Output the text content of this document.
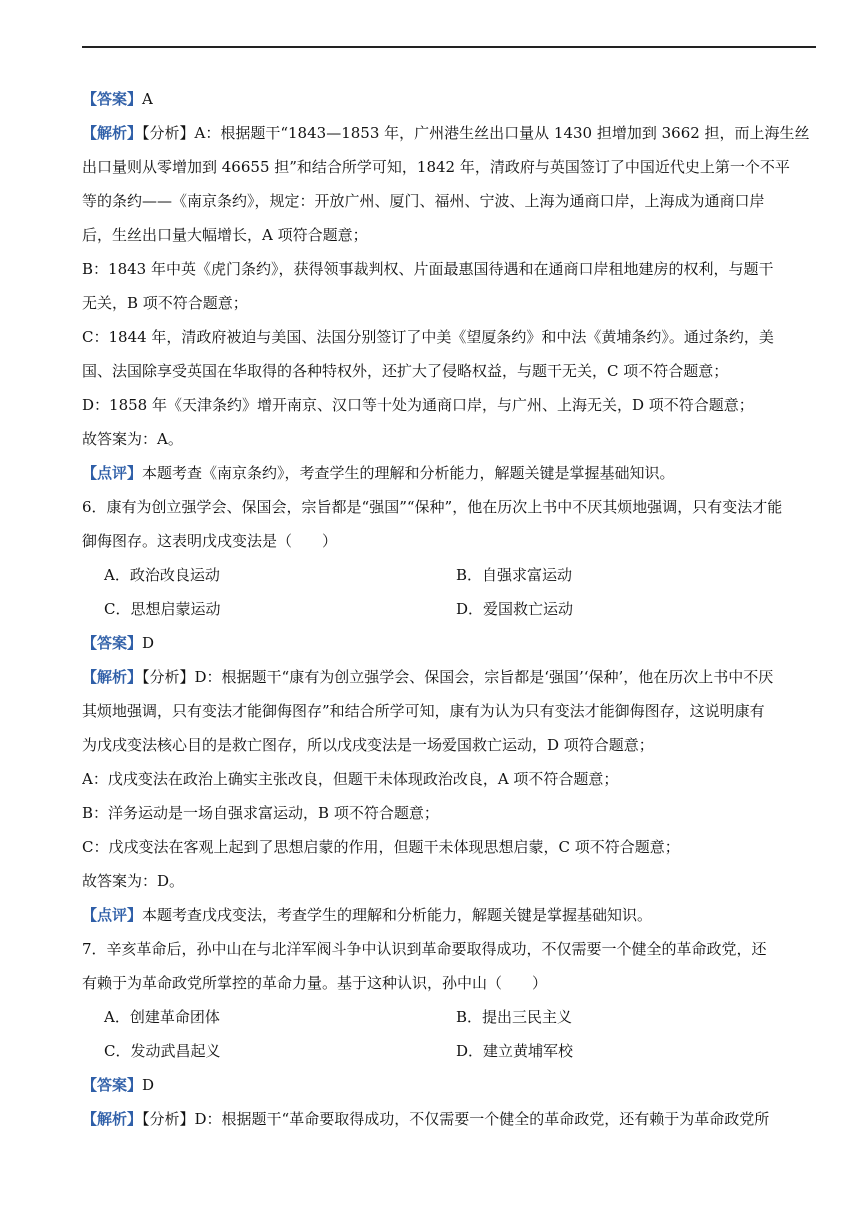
【答案】A
【解析】【分析】A：根据题干“1843—1853 年，广州港生丝出口量从 1430 担增加到 3662 担，而上海生丝
出口量则从零增加到 46655 担”和结合所学可知，1842 年，清政府与英国签订了中国近代史上第一个不平
等的条约——《南京条约》，规定：开放广州、厦门、福州、宁波、上海为通商口岸，上海成为通商口岸
后，生丝出口量大幅增长，A 项符合题意；
B：1843 年中英《虎门条约》，获得领事裁判权、片面最惠国待遇和在通商口岸租地建房的权利，与题干
无关，B 项不符合题意；
C：1844 年，清政府被迫与美国、法国分别签订了中美《望厦条约》和中法《黄埔条约》。通过条约，美
国、法国除享受英国在华取得的各种特权外，还扩大了侵略权益，与题干无关，C 项不符合题意；
D：1858 年《天津条约》增开南京、汉口等十处为通商口岸，与广州、上海无关，D 项不符合题意；
故答案为：A。
【点评】本题考查《南京条约》，考查学生的理解和分析能力，解题关键是掌握基础知识。
6．康有为创立强学会、保国会，宗旨都是“强国”“保种”，他在历次上书中不厌其烦地强调，只有变法才能
御侮图存。这表明戊戌变法是（　　）
A．政治改良运动	B．自强求富运动
C．思想启蒙运动	D．爱国救亡运动
【答案】D
【解析】【分析】D：根据题干“康有为创立强学会、保国会，宗旨都是‘强国’‘保种’，他在历次上书中不厌
其烦地强调，只有变法才能御侮图存”和结合所学可知，康有为认为只有变法才能御侮图存，这说明康有
为戊戌变法核心目的是救亡图存，所以戊戌变法是一场爱国救亡运动，D 项符合题意；
A：戊戌变法在政治上确实主张改良，但题干未体现政治改良，A 项不符合题意；
B：洋务运动是一场自强求富运动，B 项不符合题意；
C：戊戌变法在客观上起到了思想启蒙的作用，但题干未体现思想启蒙，C 项不符合题意；
故答案为：D。
【点评】本题考查戊戌变法，考查学生的理解和分析能力，解题关键是掌握基础知识。
7．辛亥革命后，孙中山在与北洋军阀斗争中认识到革命要取得成功，不仅需要一个健全的革命政党，还
有赖于为革命政党所掌控的革命力量。基于这种认识，孙中山（　　）
A．创建革命团体	B．提出三民主义
C．发动武昌起义	D．建立黄埔军校
【答案】D
【解析】【分析】D：根据题干“革命要取得成功，不仅需要一个健全的革命政党，还有赖于为革命政党所
